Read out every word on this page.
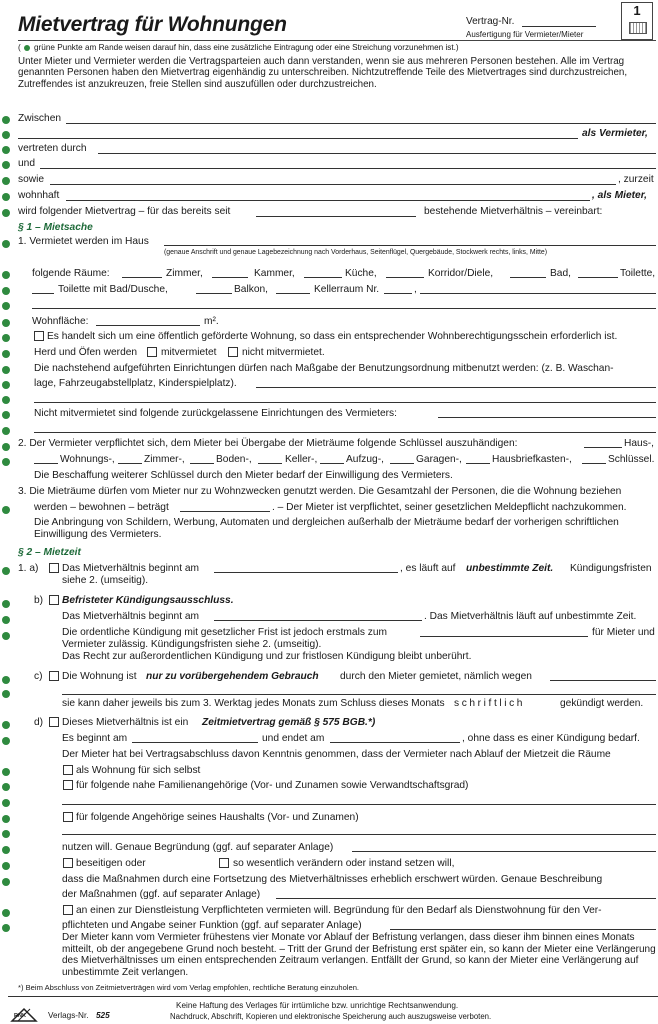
Mietvertrag für Wohnungen	Vertrag-Nr.
Ausfertigung für Vermieter/Mieter
1
( grüne Punkte am Rande weisen darauf hin, dass eine zusätzliche Eintragung oder eine Streichung vorzunehmen ist.)
Unter Mieter und Vermieter werden die Vertragsparteien auch dann verstanden, wenn sie aus mehreren Personen bestehen. Alle im Vertrag genannten Personen haben den Mietvertrag eigenhändig zu unterschreiben. Nichtzutreffende Teile des Mietvertrages sind durchzustreichen, Zutreffendes ist anzukreuzen, freie Stellen sind auszufüllen oder durchzustreichen.
Zwischen
als Vermieter,
vertreten durch
und
sowie	, zurzeit
wohnhaft	, als Mieter,
wird folgender Mietvertrag – für das bereits seit	bestehende Mietverhältnis – vereinbart:
§ 1 – Mietsache
1. Vermietet werden im Haus
(genaue Anschrift und genaue Lagebezeichnung nach Vorderhaus, Seitenflügel, Quergebäude, Stockwerk rechts, links, Mitte)
folgende Räume:	Zimmer,	Kammer,	Küche,	Korridor/Diele,	Bad,	Toilette,
Toilette mit Bad/Dusche,	Balkon,	Kellerraum Nr.	,
Wohnfläche:	m².
Es handelt sich um eine öffentlich geförderte Wohnung, so dass ein entsprechender Wohnberechtigungsschein erforderlich ist.
Herd und Öfen werden mitvermietet	nicht mitvermietet.
Die nachstehend aufgeführten Einrichtungen dürfen nach Maßgabe der Benutzungsordnung mitbenutzt werden: (z. B. Waschan-
lage, Fahrzeugabstellplatz, Kinderspielplatz).
Nicht mitvermietet sind folgende zurückgelassene Einrichtungen des Vermieters:
2. Der Vermieter verpflichtet sich, dem Mieter bei Übergabe der Mieträume folgende Schlüssel auszuhändigen:	Haus-,
Wohnungs-,	Zimmer-,	Boden-,	Keller-,	Aufzug-,	Garagen-,	Hausbriefkasten-,	Schlüssel.
Die Beschaffung weiterer Schlüssel durch den Mieter bedarf der Einwilligung des Vermieters.
3. Die Mieträume dürfen vom Mieter nur zu Wohnzwecken genutzt werden. Die Gesamtzahl der Personen, die die Wohnung beziehen
werden – bewohnen – beträgt	. – Der Mieter ist verpflichtet, seiner gesetzlichen Meldepflicht nachzukommen.
Die Anbringung von Schildern, Werbung, Automaten und dergleichen außerhalb der Mieträume bedarf der vorherigen schriftlichen
Einwilligung des Vermieters.
§ 2 – Mietzeit
1. a) Das Mietverhältnis beginnt am	, es läuft auf unbestimmte Zeit. Kündigungsfristen
siehe 2. (umseitig).
b) Befristeter Kündigungsausschluss.
Das Mietverhältnis beginnt am	. Das Mietverhältnis läuft auf unbestimmte Zeit.
Die ordentliche Kündigung mit gesetzlicher Frist ist jedoch erstmals zum	für Mieter und
Vermieter zulässig. Kündigungsfristen siehe 2. (umseitig).
Das Recht zur außerordentlichen Kündigung und zur fristlosen Kündigung bleibt unberührt.
c) Die Wohnung ist nur zu vorübergehendem Gebrauch durch den Mieter gemietet, nämlich wegen
sie kann daher jeweils bis zum 3. Werktag jedes Monats zum Schluss dieses Monats schriftlich	gekündigt werden.
d) Dieses Mietverhältnis ist ein Zeitmietvertrag gemäß § 575 BGB.*)
Es beginnt am	und endet am	, ohne dass es einer Kündigung bedarf.
Der Mieter hat bei Vertragsabschluss davon Kenntnis genommen, dass der Vermieter nach Ablauf der Mietzeit die Räume
als Wohnung für sich selbst
für folgende nahe Familienangehörige (Vor- und Zunamen sowie Verwandtschaftsgrad)
für folgende Angehörige seines Haushalts (Vor- und Zunamen)
nutzen will. Genaue Begründung (ggf. auf separater Anlage)
beseitigen oder	so wesentlich verändern oder instand setzen will,
dass die Maßnahmen durch eine Fortsetzung des Mietverhältnisses erheblich erschwert würden. Genaue Beschreibung
der Maßnahmen (ggf. auf separater Anlage)
an einen zur Dienstleistung Verpflichteten vermieten will. Begründung für den Bedarf als Dienstwohnung für den Ver-
pflichteten und Angabe seiner Funktion (ggf. auf separater Anlage)
Der Mieter kann vom Vermieter frühestens vier Monate vor Ablauf der Befristung verlangen, dass dieser ihm binnen eines Monats mitteilt, ob der angegebene Grund noch besteht. – Tritt der Grund der Befristung erst später ein, so kann der Mieter eine Verlängerung des Mietverhältnisses um einen entsprechenden Zeitraum verlangen. Entfällt der Grund, so kann der Mieter eine Verlängerung auf unbestimmte Zeit verlangen.
*) Beim Abschluss von Zeitmietverträgen wird vom Verlag empfohlen, rechtliche Beratung einzuholen.
RNK	Verlags-Nr. 525
Keine Haftung des Verlages für irrtümliche bzw. unrichtige Rechtsanwendung.
Nachdruck, Abschrift, Kopieren und elektronische Speicherung auch auszugsweise verboten.
